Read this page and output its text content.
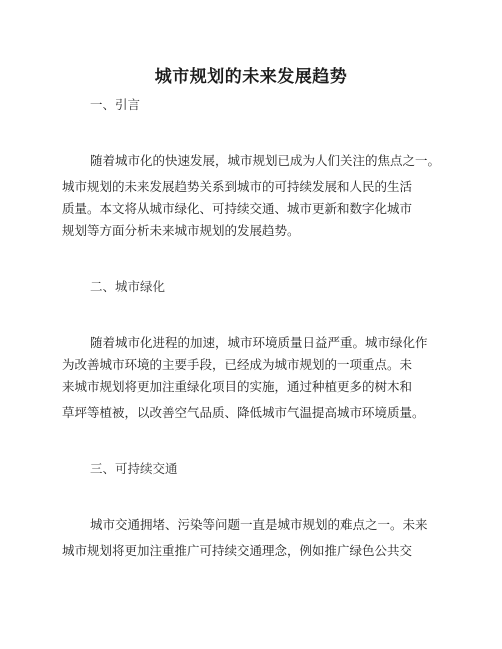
城市规划的未来发展趋势
一、引言
随着城市化的快速发展，城市规划已成为人们关注的焦点之一。
城市规划的未来发展趋势关系到城市的可持续发展和人民的生活
质量。本文将从城市绿化、可持续交通、城市更新和数字化城市
规划等方面分析未来城市规划的发展趋势。
二、城市绿化
随着城市化进程的加速，城市环境质量日益严重。城市绿化作
为改善城市环境的主要手段，已经成为城市规划的一项重点。未
来城市规划将更加注重绿化项目的实施，通过种植更多的树木和
草坪等植被，以改善空气品质、降低城市气温提高城市环境质量。
三、可持续交通
城市交通拥堵、污染等问题一直是城市规划的难点之一。未来
城市规划将更加注重推广可持续交通理念，例如推广绿色公共交
